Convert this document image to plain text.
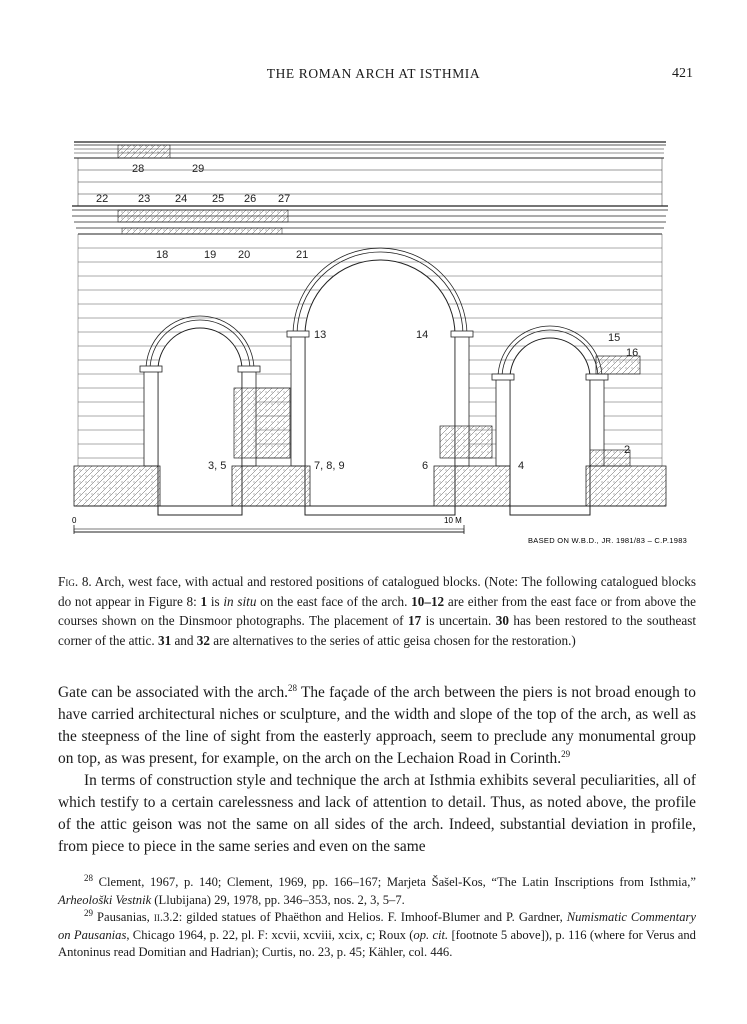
THE ROMAN ARCH AT ISTHMIA	421
28	29
22	23 24 25 26 27
18	19 20	21
13	14	15
16
3, 5	7, 8, 9	6	4
2
0	10 M
BASED ON W.B.D., JR. 1981/83 – C.P.1983
Fig. 8. Arch, west face, with actual and restored positions of catalogued blocks. (Note: The following catalogued blocks do not appear in Figure 8: 1 is in situ on the east face of the arch. 10–12 are either from the east face or from above the courses shown on the Dinsmoor photographs. The placement of 17 is uncertain. 30 has been restored to the southeast corner of the attic. 31 and 32 are alternatives to the series of attic geisa chosen for the restoration.)

Gate can be associated with the arch.$^{28}$ The façade of the arch between the piers is not broad enough to have carried architectural niches or sculpture, and the width and slope of the top of the arch, as well as the steepness of the line of sight from the easterly approach, seem to preclude any monumental group on top, as was present, for example, on the arch on the Lechaion Road in Corinth.$^{29}$

In terms of construction style and technique the arch at Isthmia exhibits several peculiarities, all of which testify to a certain carelessness and lack of attention to detail. Thus, as noted above, the profile of the attic geison was not the same on all sides of the arch. Indeed, substantial deviation in profile, from piece to piece in the same series and even on the same

$^{28}$ Clement, 1967, p. 140; Clement, 1969, pp. 166–167; Marjeta Šašel-Kos, “The Latin Inscriptions from Isthmia,” Arheološki Vestnik (Llubijana) 29, 1978, pp. 346–353, nos. 2, 3, 5–7.

$^{29}$ Pausanias, ii.3.2: gilded statues of Phaëthon and Helios. F. Imhoof-Blumer and P. Gardner, Numismatic Commentary on Pausanias, Chicago 1964, p. 22, pl. F: xcvii, xcviii, xcix, c; Roux (op. cit. [footnote 5 above]), p. 116 (where for Verus and Antoninus read Domitian and Hadrian); Curtis, no. 23, p. 45; Kähler, col. 446.
